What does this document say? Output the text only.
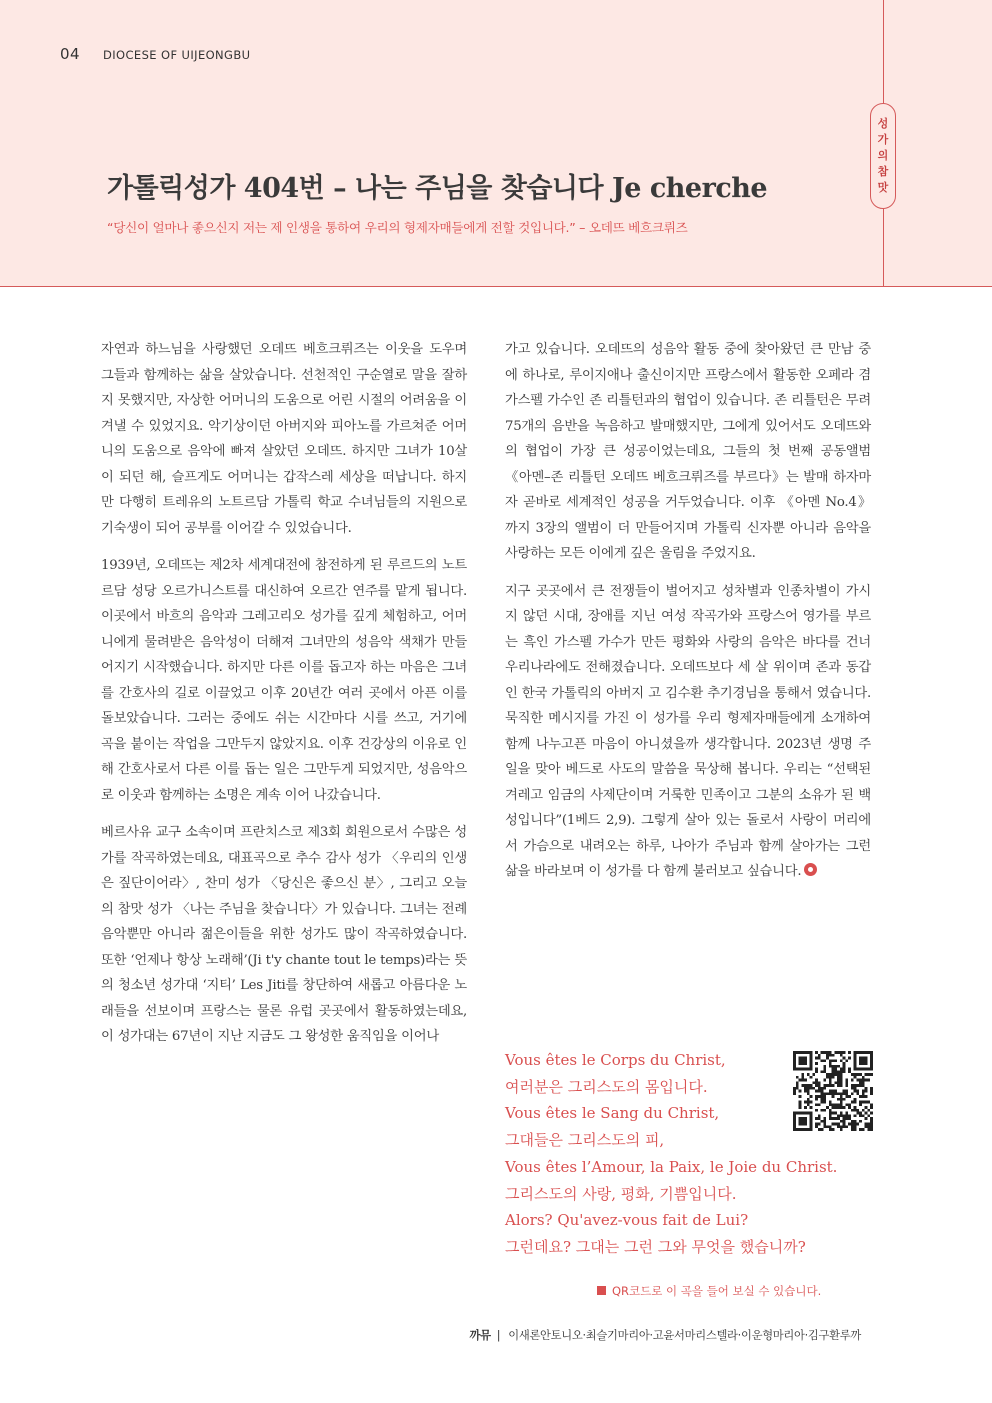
04 DIOCESE OF UIJEONGBU
성
가
의
참
맛
가톨릭성가 404번 – 나는 주님을 찾습니다 Je cherche
“당신이 얼마나 좋으신지 저는 제 인생을 통하여 우리의 형제자매들에게 전할 것입니다.” – 오데뜨 베흐크뤼즈

자연과 하느님을 사랑했던 오데뜨 베흐크뤼즈는 이웃을 도우며 그들과 함께하는 삶을 살았습니다. 선천적인 구순열로 말을 잘하지 못했지만, 자상한 어머니의 도움으로 어린 시절의 어려움을 이겨낼 수 있었지요. 악기상이던 아버지와 피아노를 가르쳐준 어머니의 도움으로 음악에 빠져 살았던 오데뜨. 하지만 그녀가 10살이 되던 해, 슬프게도 어머니는 갑작스레 세상을 떠납니다. 하지만 다행히 트레유의 노트르담 가톨릭 학교 수녀님들의 지원으로 기숙생이 되어 공부를 이어갈 수 있었습니다.

1939년, 오데뜨는 제2차 세계대전에 참전하게 된 루르드의 노트르담 성당 오르가니스트를 대신하여 오르간 연주를 맡게 됩니다. 이곳에서 바흐의 음악과 그레고리오 성가를 깊게 체험하고, 어머니에게 물려받은 음악성이 더해져 그녀만의 성음악 색채가 만들어지기 시작했습니다. 하지만 다른 이를 돕고자 하는 마음은 그녀를 간호사의 길로 이끌었고 이후 20년간 여러 곳에서 아픈 이를 돌보았습니다. 그러는 중에도 쉬는 시간마다 시를 쓰고, 거기에 곡을 붙이는 작업을 그만두지 않았지요. 이후 건강상의 이유로 인해 간호사로서 다른 이를 돕는 일은 그만두게 되었지만, 성음악으로 이웃과 함께하는 소명은 계속 이어 나갔습니다.

베르사유 교구 소속이며 프란치스코 제3회 회원으로서 수많은 성가를 작곡하였는데요, 대표곡으로 추수 감사 성가 〈우리의 인생은 짚단이어라〉, 찬미 성가 〈당신은 좋으신 분〉, 그리고 오늘의 참맛 성가 〈나는 주님을 찾습니다〉가 있습니다. 그녀는 전례음악뿐만 아니라 젊은이들을 위한 성가도 많이 작곡하였습니다. 또한 ‘언제나 항상 노래해’(Ji t'y chante tout le temps)라는 뜻의 청소년 성가대 ‘지티’ Les Jiti를 창단하여 새롭고 아름다운 노래들을 선보이며 프랑스는 물론 유럽 곳곳에서 활동하였는데요, 이 성가대는 67년이 지난 지금도 그 왕성한 움직임을 이어나

가고 있습니다. 오데뜨의 성음악 활동 중에 찾아왔던 큰 만남 중에 하나로, 루이지애나 출신이지만 프랑스에서 활동한 오페라 겸 가스펠 가수인 존 리틀턴과의 협업이 있습니다. 존 리틀턴은 무려 75개의 음반을 녹음하고 발매했지만, 그에게 있어서도 오데뜨와의 협업이 가장 큰 성공이었는데요, 그들의 첫 번째 공동앨범 《아멘–존 리틀턴 오데뜨 베흐크뤼즈를 부르다》는 발매 하자마자 곧바로 세계적인 성공을 거두었습니다. 이후 《아멘 No.4》까지 3장의 앨범이 더 만들어지며 가톨릭 신자뿐 아니라 음악을 사랑하는 모든 이에게 깊은 울림을 주었지요.

지구 곳곳에서 큰 전쟁들이 벌어지고 성차별과 인종차별이 가시지 않던 시대, 장애를 지닌 여성 작곡가와 프랑스어 영가를 부르는 흑인 가스펠 가수가 만든 평화와 사랑의 음악은 바다를 건너 우리나라에도 전해졌습니다. 오데뜨보다 세 살 위이며 존과 동갑인 한국 가톨릭의 아버지 고 김수환 추기경님을 통해서 였습니다. 묵직한 메시지를 가진 이 성가를 우리 형제자매들에게 소개하여 함께 나누고픈 마음이 아니셨을까 생각합니다. 2023년 생명 주일을 맞아 베드로 사도의 말씀을 묵상해 봅니다. 우리는 “선택된 겨레고 임금의 사제단이며 거룩한 민족이고 그분의 소유가 된 백성입니다”(1베드 2,9). 그렇게 살아 있는 돌로서 사랑이 머리에서 가슴으로 내려오는 하루, 나아가 주님과 함께 살아가는 그런 삶을 바라보며 이 성가를 다 함께 불러보고 싶습니다.

Vous êtes le Corps du Christ,
여러분은 그리스도의 몸입니다.
Vous êtes le Sang du Christ,
그대들은 그리스도의 피,
Vous êtes l’Amour, la Paix, le Joie du Christ.
그리스도의 사랑, 평화, 기쁨입니다.
Alors? Qu'avez-vous fait de Lui?
그런데요? 그대는 그런 그와 무엇을 했습니까?
QR코드로 이 곡을 들어 보실 수 있습니다.
까뮤 | 이새론안토니오·최슬기마리아·고윤서마리스텔라·이운형마리아·김구환루까
